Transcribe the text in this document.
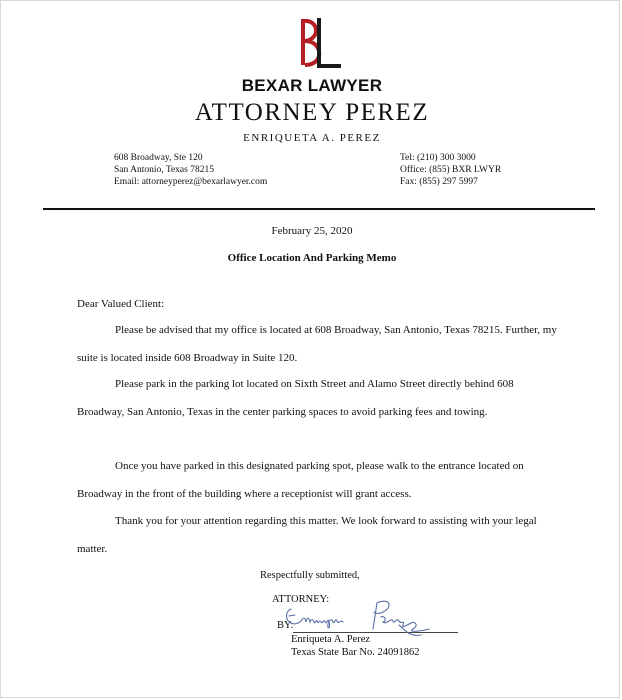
BEXAR LAWYER
ATTORNEY PEREZ
ENRIQUETA A. PEREZ
608 Broadway, Ste 120
San Antonio, Texas 78215
Email: attorneyperez@bexarlawyer.com
Tel: (210) 300 3000
Office: (855) BXR LWYR
Fax: (855) 297 5997
February 25, 2020
Office Location And Parking Memo
Dear Valued Client:

Please be advised that my office is located at 608 Broadway, San Antonio, Texas 78215. Further, my suite is located inside 608 Broadway in Suite 120.

Please park in the parking lot located on Sixth Street and Alamo Street directly behind 608 Broadway, San Antonio, Texas in the center parking spaces to avoid parking fees and towing.

Once you have parked in this designated parking spot, please walk to the entrance located on Broadway in the front of the building where a receptionist will grant access.

Thank you for your attention regarding this matter. We look forward to assisting with your legal matter.

Respectfully submitted,
ATTORNEY:
BY:
Enriqueta A. Perez
Texas State Bar No. 24091862
